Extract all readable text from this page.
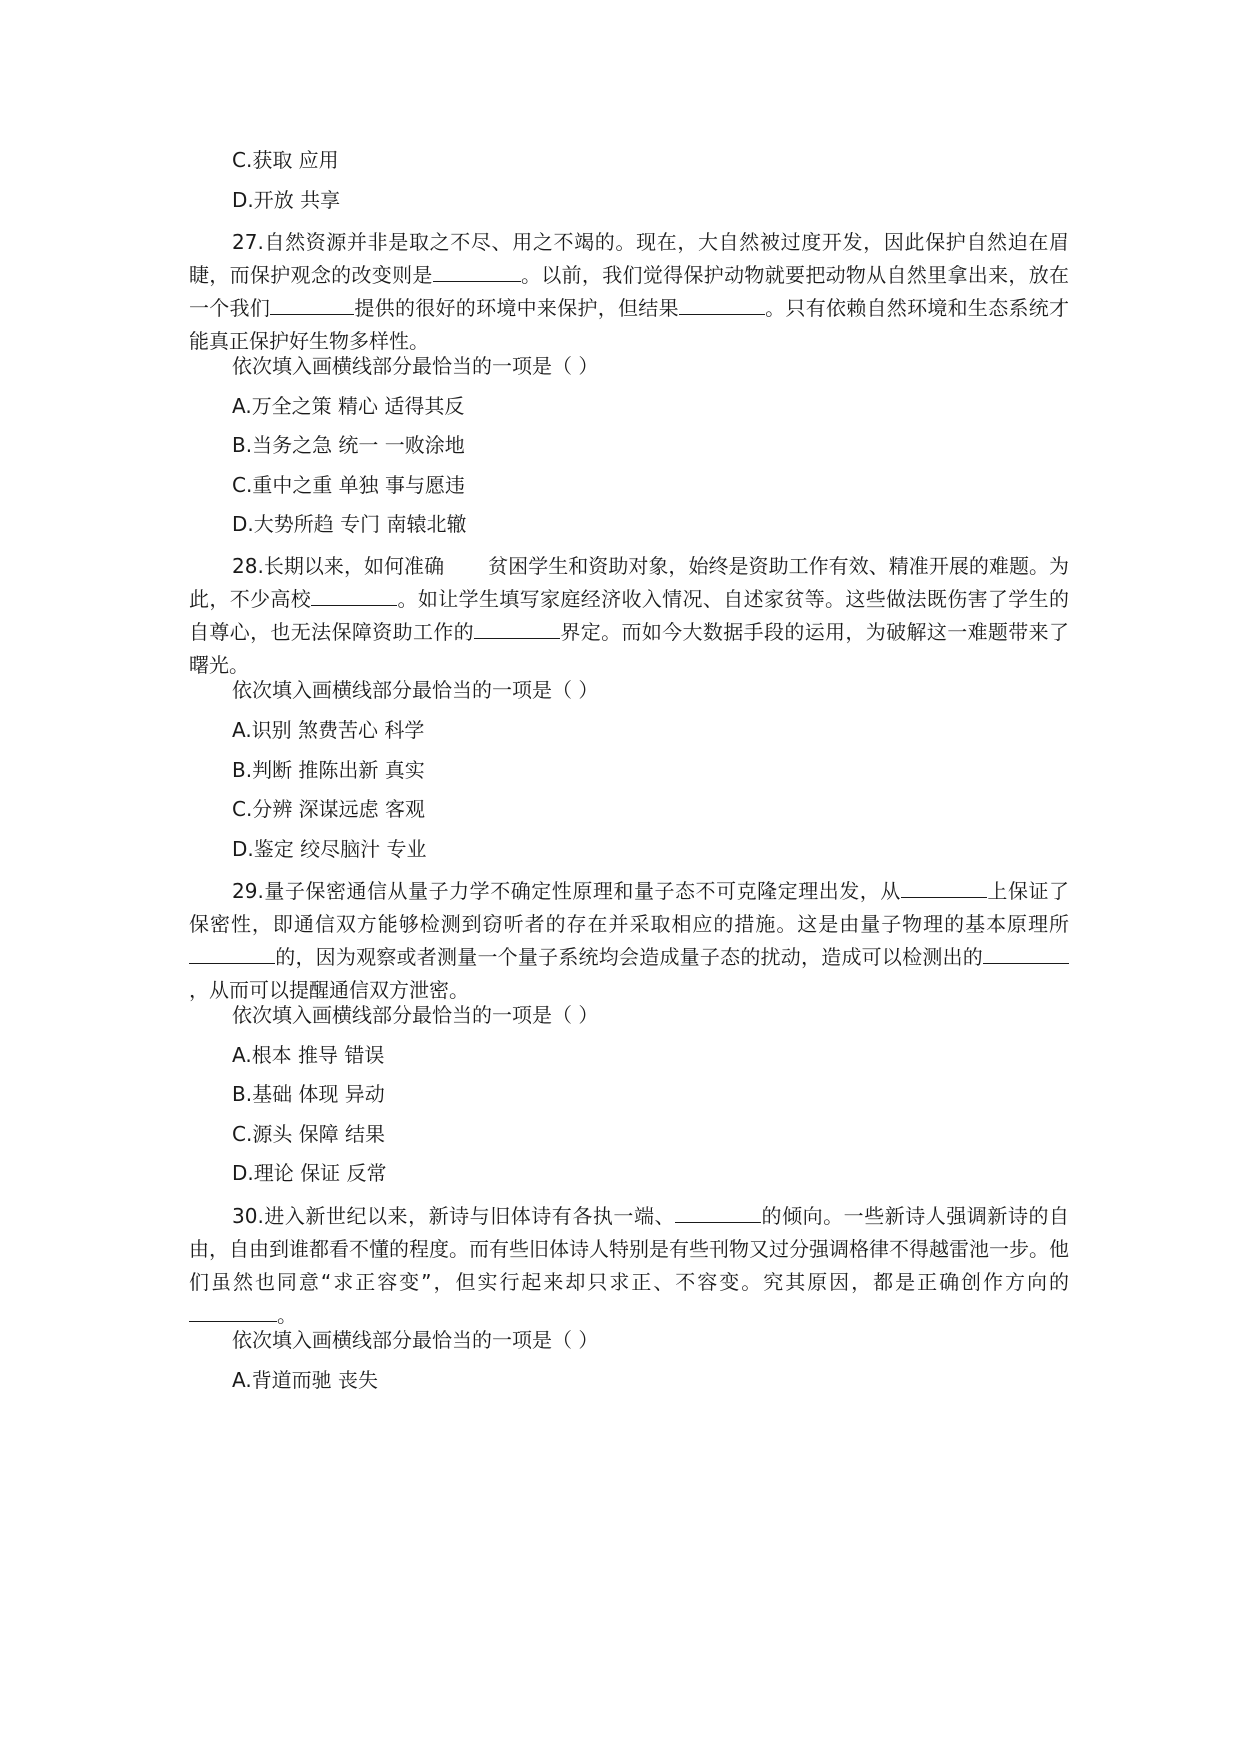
C.获取 应用
D.开放 共享
27.自然资源并非是取之不尽、用之不竭的。现在，大自然被过度开发，因此保护自然迫在眉睫，而保护观念的改变则是	。以前，我们觉得保护动物就要把动物从自然里拿出来，放在一个我们	提供的很好的环境中来保护，但结果	。只有依赖自然环境和生态系统才能真正保护好生物多样性。
依次填入画横线部分最恰当的一项是（ ）
A.万全之策 精心 适得其反
B.当务之急 统一 一败涂地
C.重中之重 单独 事与愿违
D.大势所趋 专门 南辕北辙
28.长期以来，如何准确 贫困学生和资助对象，始终是资助工作有效、精准开展的难题。为此，不少高校	。如让学生填写家庭经济收入情况、自述家贫等。这些做法既伤害了学生的自尊心，也无法保障资助工作的	界定。而如今大数据手段的运用，为破解这一难题带来了曙光。
依次填入画横线部分最恰当的一项是（ ）
A.识别 煞费苦心 科学
B.判断 推陈出新 真实
C.分辨 深谋远虑 客观
D.鉴定 绞尽脑汁 专业
29.量子保密通信从量子力学不确定性原理和量子态不可克隆定理出发，从	上保证了保密性，即通信双方能够检测到窃听者的存在并采取相应的措施。这是由量子物理的基本原理所的，因为观察或者测量一个量子系统均会造成量子态的扰动，造成可以检测出的，从而可以提醒通信双方泄密。
依次填入画横线部分最恰当的一项是（ ）
A.根本 推导 错误
B.基础 体现 异动
C.源头 保障 结果
D.理论 保证 反常
30.进入新世纪以来，新诗与旧体诗有各执一端、	的倾向。一些新诗人强调新诗的自由，自由到谁都看不懂的程度。而有些旧体诗人特别是有些刊物又过分强调格律不得越雷池一步。他们虽然也同意“求正容变”，但实行起来却只求正、不容变。究其原因，都是正确创作方向的。
依次填入画横线部分最恰当的一项是（ ）
A.背道而驰 丧失
